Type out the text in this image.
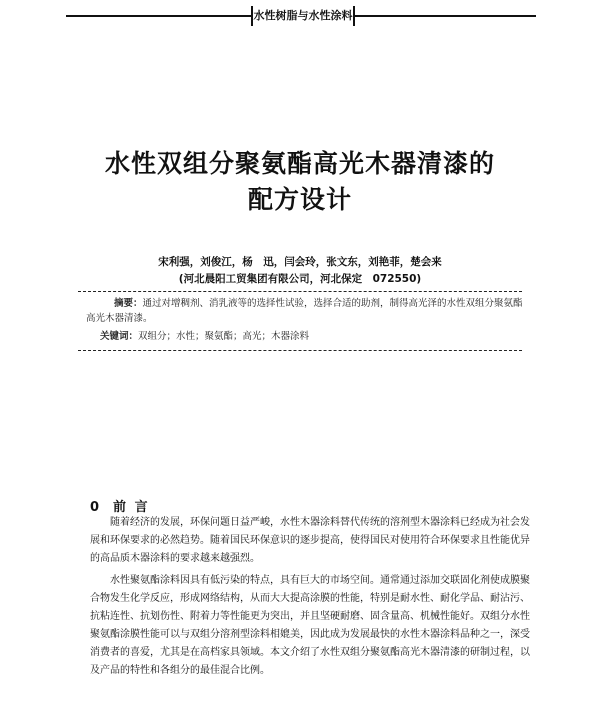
水性树脂与水性涂料
水性双组分聚氨酯高光木器清漆的
配方设计
宋利强，刘俊江，杨　迅，闫会玲，张文东，刘艳菲，楚会来
(河北晨阳工贸集团有限公司，河北保定　072550)
摘要：通过对增稠剂、消乳液等的选择性试验，选择合适的助剂，制得高光泽的水性双组分聚氨酯高光木器清漆。
关键词：双组分；水性；聚氨酯；高光；木器涂料
0 前 言

随着经济的发展，环保问题日益严峻，水性木器涂料替代传统的溶剂型木器涂料已经成为社会发展和环保要求的必然趋势。随着国民环保意识的逐步提高，使得国民对使用符合环保要求且性能优异的高品质木器涂料的要求越来越强烈。

水性聚氨酯涂料因具有低污染的特点，具有巨大的市场空间。通常通过添加交联固化剂使成膜聚合物发生化学反应，形成网络结构，从而大大提高涂膜的性能，特别是耐水性、耐化学品、耐沾污、抗粘连性、抗划伤性、附着力等性能更为突出，并且坚硬耐磨、固含量高、机械性能好。双组分水性聚氨酯涂膜性能可以与双组分溶剂型涂料相媲美，因此成为发展最快的水性木器涂料品种之一，深受消费者的喜爱，尤其是在高档家具领域。本文介绍了水性双组分聚氨酯高光木器清漆的研制过程，以及产品的特性和各组分的最佳混合比例。
